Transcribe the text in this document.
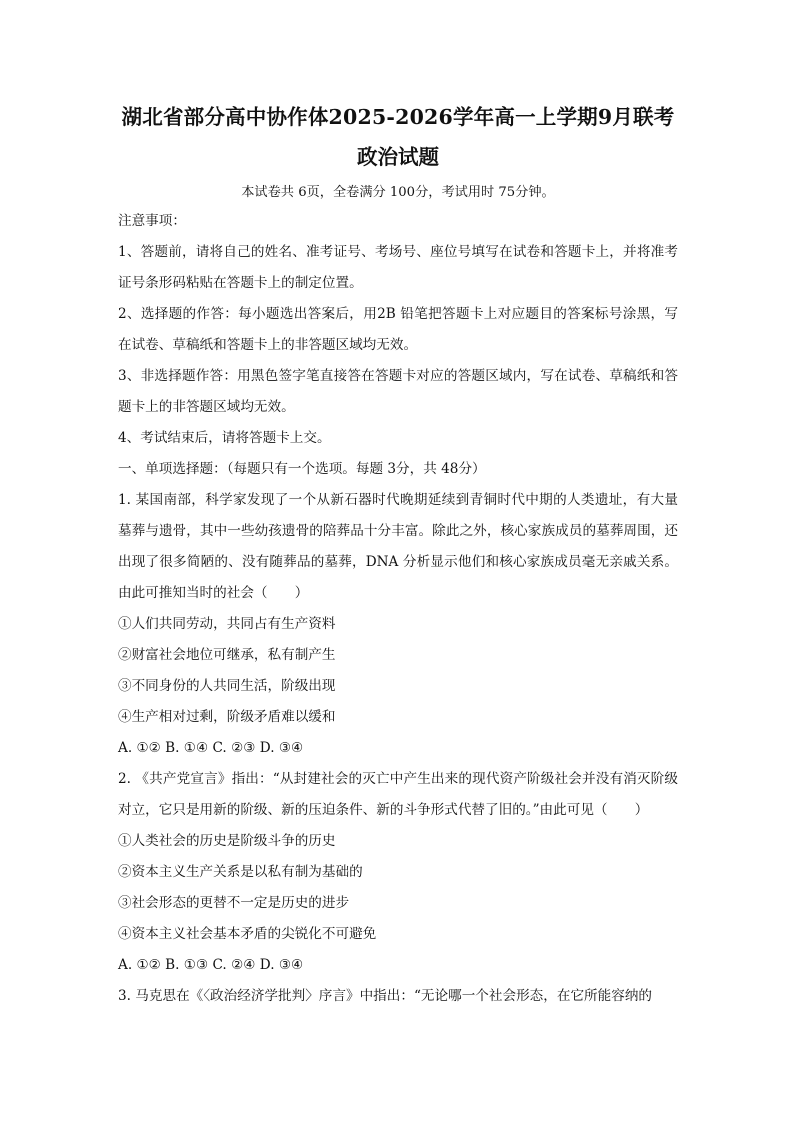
湖北省部分高中协作体2025-2026学年高一上学期9月联考
政治试题

本试卷共 6页，全卷满分 100分，考试用时 75分钟。

注意事项：

1、答题前，请将自己的姓名、准考证号、考场号、座位号填写在试卷和答题卡上，并将准考证号条形码粘贴在答题卡上的制定位置。

2、选择题的作答：每小题选出答案后，用2B 铅笔把答题卡上对应题目的答案标号涂黑，写在试卷、草稿纸和答题卡上的非答题区域均无效。

3、非选择题作答：用黑色签字笔直接答在答题卡对应的答题区域内，写在试卷、草稿纸和答题卡上的非答题区域均无效。

4、考试结束后，请将答题卡上交。

一、单项选择题：（每题只有一个选项。每题 3分，共 48分）

1. 某国南部，科学家发现了一个从新石器时代晚期延续到青铜时代中期的人类遗址，有大量墓葬与遗骨，其中一些幼孩遗骨的陪葬品十分丰富。除此之外，核心家族成员的墓葬周围，还出现了很多简陋的、没有随葬品的墓葬，DNA 分析显示他们和核心家族成员毫无亲戚关系。由此可推知当时的社会（　　）

①人们共同劳动，共同占有生产资料

②财富社会地位可继承，私有制产生

③不同身份的人共同生活，阶级出现

④生产相对过剩，阶级矛盾难以缓和

A. ①② B. ①④ C. ②③ D. ③④

2. 《共产党宣言》指出：“从封建社会的灭亡中产生出来的现代资产阶级社会并没有消灭阶级对立，它只是用新的阶级、新的压迫条件、新的斗争形式代替了旧的。”由此可见（　　）

①人类社会的历史是阶级斗争的历史

②资本主义生产关系是以私有制为基础的

③社会形态的更替不一定是历史的进步

④资本主义社会基本矛盾的尖锐化不可避免

A. ①② B. ①③ C. ②④ D. ③④

3. 马克思在《〈政治经济学批判〉序言》中指出：“无论哪一个社会形态，在它所能容纳的
